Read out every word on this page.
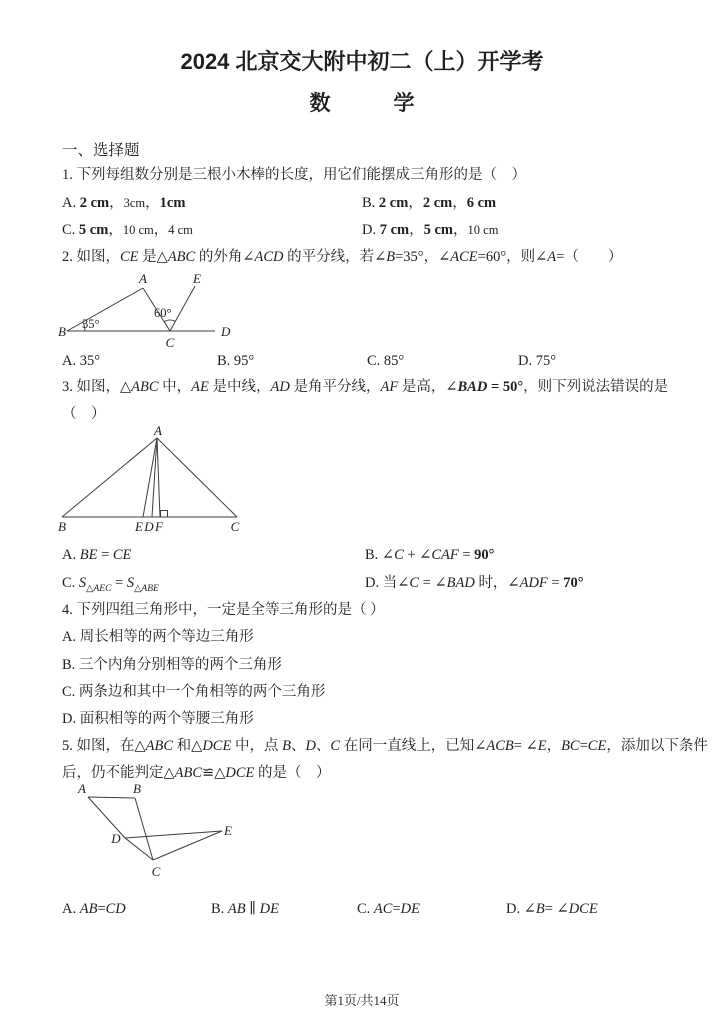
2024 北京交大附中初二（上）开学考
数　　　学
一、选择题
1. 下列每组数分别是三根小木棒的长度，用它们能摆成三角形的是（　）
A. 2 cm，3cm，1cm	B. 2 cm，2 cm，6 cm
C. 5 cm，10 cm，4 cm	D. 7 cm，5 cm，10 cm
2. 如图，CE 是△ABC 的外角∠ACD 的平分线，若∠B=35°，∠ACE=60°，则∠A=（　　）
A
B
C
D
E
35°
60°
A. 35°	B. 95°	C. 85°	D. 75°
3. 如图，△ABC 中，AE 是中线，AD 是角平分线，AF 是高，∠BAD = 50°，则下列说法错误的是
（　）
A
B	E D F	C
A. BE = CE	B. ∠C + ∠CAF = 90°
C. $S_{\triangle AEC} = S_{\triangle ABE}$	D. 当∠C = ∠BAD 时，∠ADF = 70°
4. 下列四组三角形中，一定是全等三角形的是（ ）
A. 周长相等的两个等边三角形
B. 三个内角分别相等的两个三角形
C. 两条边和其中一个角相等的两个三角形
D. 面积相等的两个等腰三角形
5. 如图，在△ABC 和△DCE 中，点 B、D、C 在同一直线上，已知∠ACB= ∠E，BC=CE，添加以下条件
后，仍不能判定△ABC≌△DCE 的是（　）
A	B
D
E
C
A. AB=CD	B. AB ∥ DE	C. AC=DE	D. ∠B= ∠DCE
第1页/共14页
